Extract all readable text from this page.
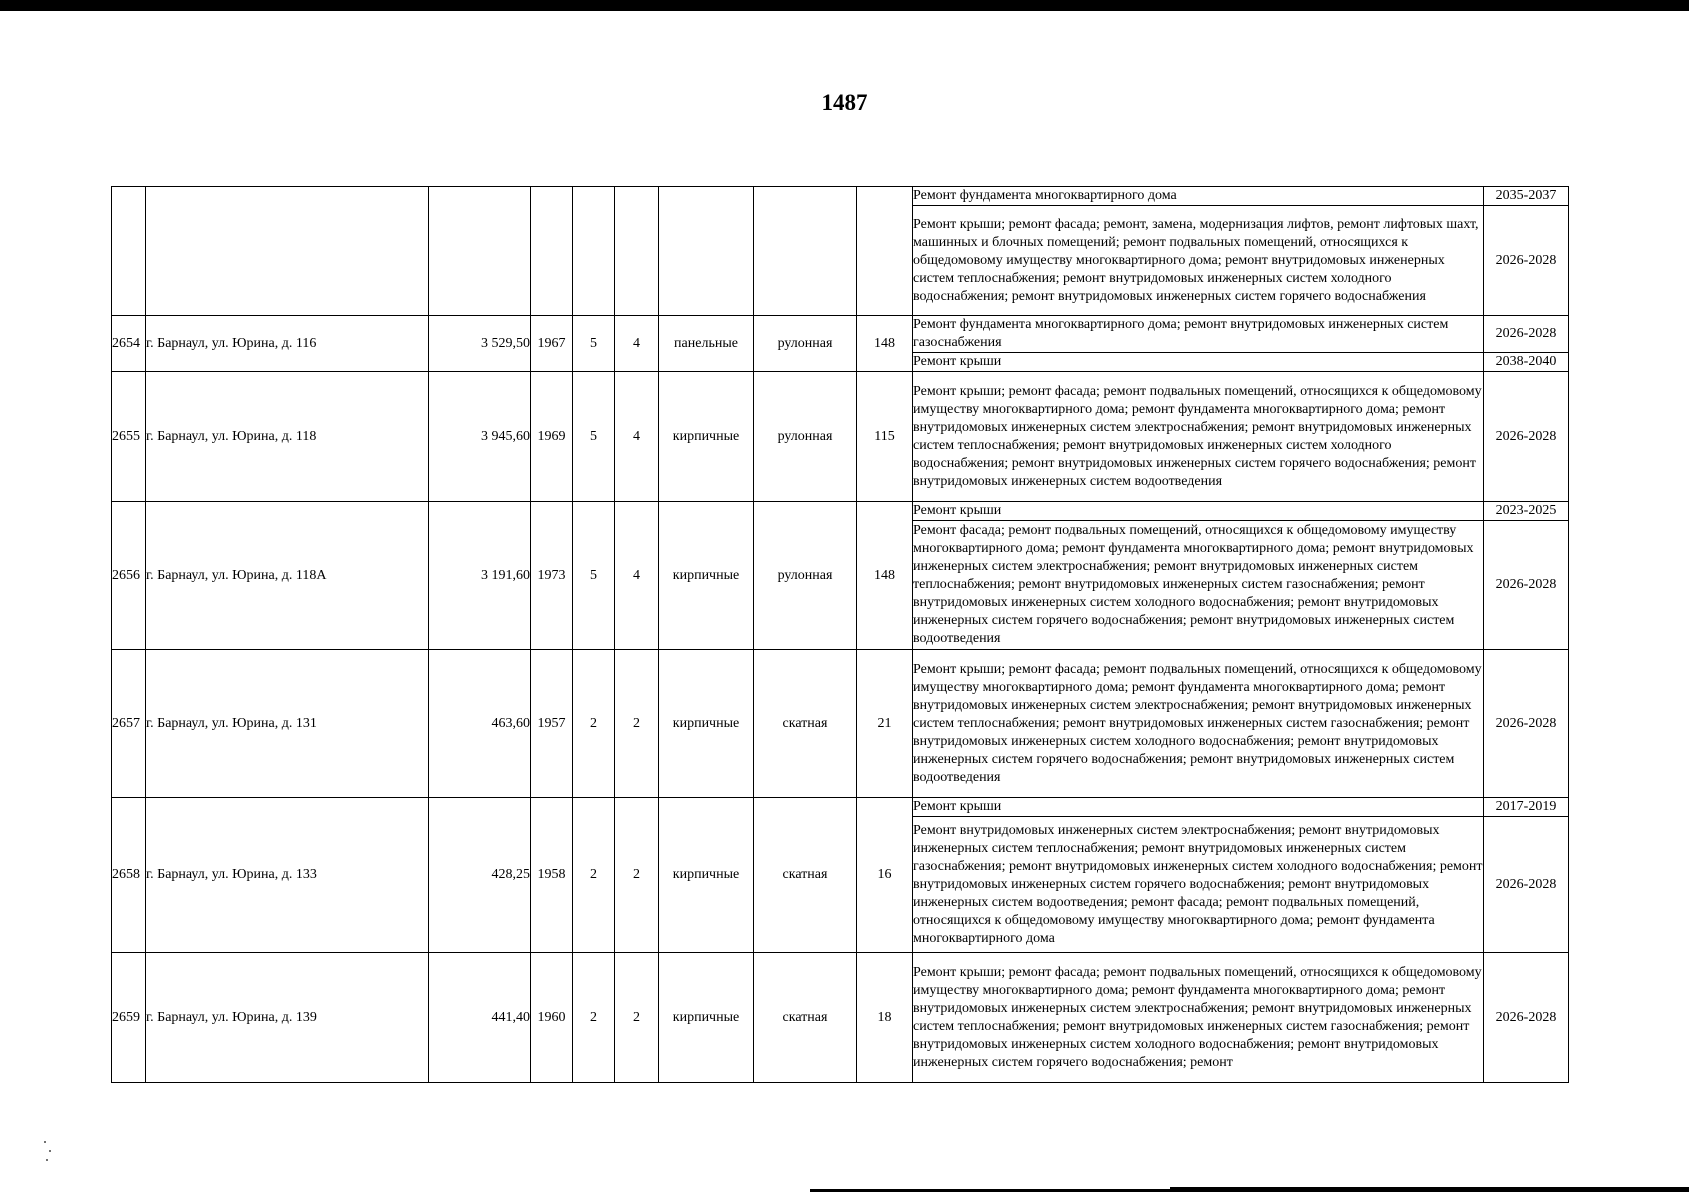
1487
									Ремонт фундамента многоквартирного дома	2035-2037
									Ремонт крыши; ремонт фасада; ремонт, замена, модернизация лифтов, ремонт лифтовых шахт, машинных и блочных помещений; ремонт подвальных помещений, относящихся к общедомовому имуществу многоквартирного дома; ремонт внутридомовых инженерных систем теплоснабжения; ремонт внутридомовых инженерных систем холодного водоснабжения; ремонт внутридомовых инженерных систем горячего водоснабжения	2026-2028
2654	г. Барнаул, ул. Юрина, д. 116	3 529,50	1967	5	4	панельные	рулонная	148	Ремонт фундамента многоквартирного дома; ремонт внутридомовых инженерных систем газоснабжения	2026-2028
									Ремонт крыши	2038-2040
2655	г. Барнаул, ул. Юрина, д. 118	3 945,60	1969	5	4	кирпичные	рулонная	115	Ремонт крыши; ремонт фасада; ремонт подвальных помещений, относящихся к общедомовому имуществу многоквартирного дома; ремонт фундамента многоквартирного дома; ремонт внутридомовых инженерных систем электроснабжения; ремонт внутридомовых инженерных систем теплоснабжения; ремонт внутридомовых инженерных систем холодного водоснабжения; ремонт внутридомовых инженерных систем горячего водоснабжения; ремонт внутридомовых инженерных систем водоотведения	2026-2028
2656	г. Барнаул, ул. Юрина, д. 118А	3 191,60	1973	5	4	кирпичные	рулонная	148	Ремонт крыши	2023-2025
									Ремонт фасада; ремонт подвальных помещений, относящихся к общедомовому имуществу многоквартирного дома; ремонт фундамента многоквартирного дома; ремонт внутридомовых инженерных систем электроснабжения; ремонт внутридомовых инженерных систем теплоснабжения; ремонт внутридомовых инженерных систем газоснабжения; ремонт внутридомовых инженерных систем холодного водоснабжения; ремонт внутридомовых инженерных систем горячего водоснабжения; ремонт внутридомовых инженерных систем водоотведения	2026-2028
2657	г. Барнаул, ул. Юрина, д. 131	463,60	1957	2	2	кирпичные	скатная	21	Ремонт крыши; ремонт фасада; ремонт подвальных помещений, относящихся к общедомовому имуществу многоквартирного дома; ремонт фундамента многоквартирного дома; ремонт внутридомовых инженерных систем электроснабжения; ремонт внутридомовых инженерных систем теплоснабжения; ремонт внутридомовых инженерных систем газоснабжения; ремонт внутридомовых инженерных систем холодного водоснабжения; ремонт внутридомовых инженерных систем горячего водоснабжения; ремонт внутридомовых инженерных систем водоотведения	2026-2028
2658	г. Барнаул, ул. Юрина, д. 133	428,25	1958	2	2	кирпичные	скатная	16	Ремонт крыши	2017-2019
									Ремонт внутридомовых инженерных систем электроснабжения; ремонт внутридомовых инженерных систем теплоснабжения; ремонт внутридомовых инженерных систем газоснабжения; ремонт внутридомовых инженерных систем холодного водоснабжения; ремонт внутридомовых инженерных систем горячего водоснабжения; ремонт внутридомовых инженерных систем водоотведения; ремонт фасада; ремонт подвальных помещений, относящихся к общедомовому имуществу многоквартирного дома; ремонт фундамента многоквартирного дома	2026-2028
2659	г. Барнаул, ул. Юрина, д. 139	441,40	1960	2	2	кирпичные	скатная	18	Ремонт крыши; ремонт фасада; ремонт подвальных помещений, относящихся к общедомовому имуществу многоквартирного дома; ремонт фундамента многоквартирного дома; ремонт внутридомовых инженерных систем электроснабжения; ремонт внутридомовых инженерных систем теплоснабжения; ремонт внутридомовых инженерных систем газоснабжения; ремонт внутридомовых инженерных систем холодного водоснабжения; ремонт внутридомовых инженерных систем горячего водоснабжения; ремонт	2026-2028
